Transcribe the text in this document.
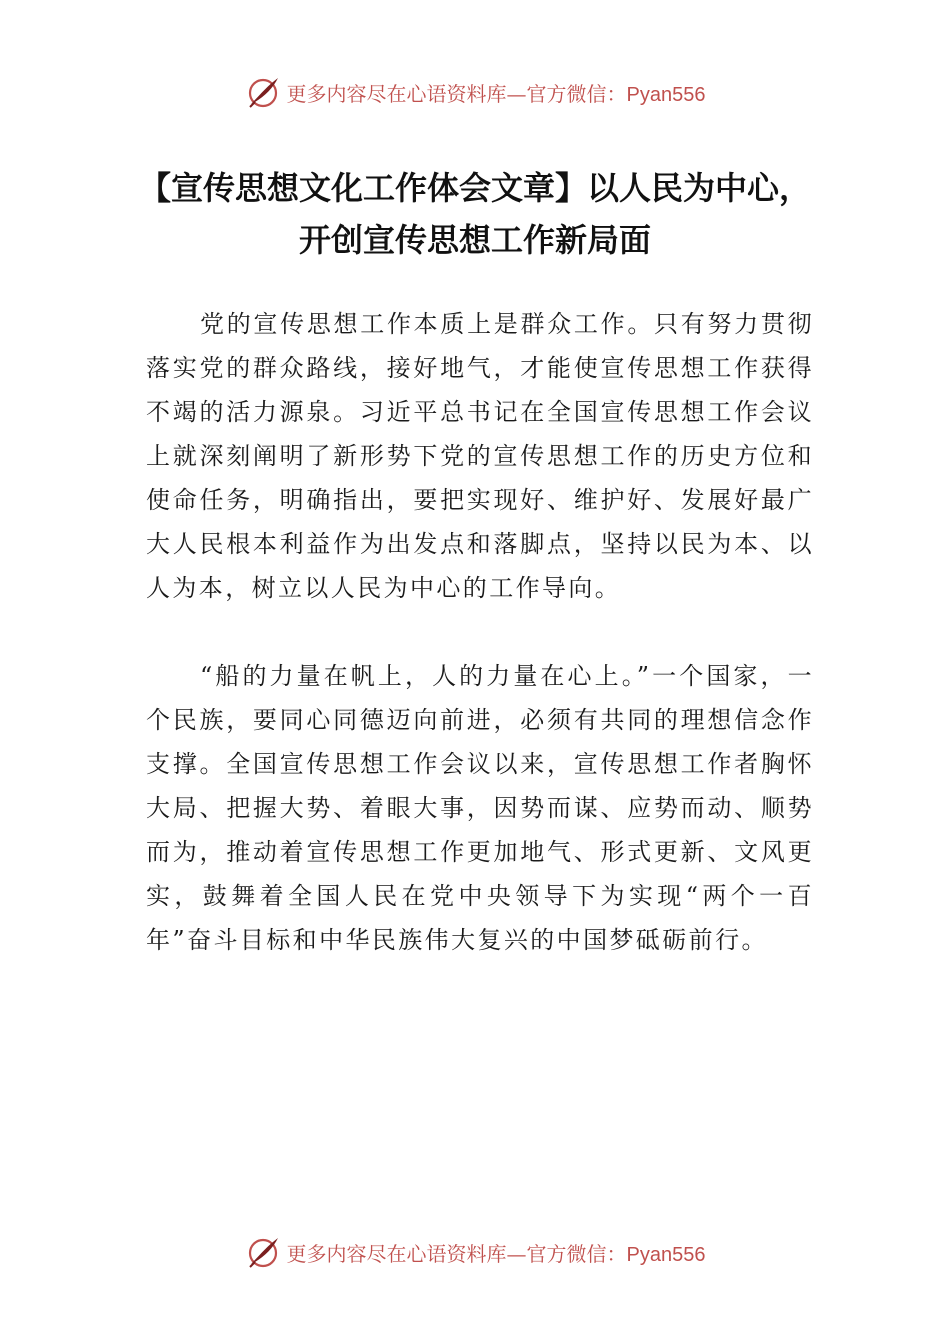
更多内容尽在心语资料库—官方微信：Pyan556
【宣传思想文化工作体会文章】以人民为中心，开创宣传思想工作新局面

党的宣传思想工作本质上是群众工作。只有努力贯彻落实党的群众路线，接好地气，才能使宣传思想工作获得不竭的活力源泉。习近平总书记在全国宣传思想工作会议上就深刻阐明了新形势下党的宣传思想工作的历史方位和使命任务，明确指出，要把实现好、维护好、发展好最广大人民根本利益作为出发点和落脚点，坚持以民为本、以人为本，树立以人民为中心的工作导向。

“船的力量在帆上，人的力量在心上。”一个国家，一个民族，要同心同德迈向前进，必须有共同的理想信念作支撑。全国宣传思想工作会议以来，宣传思想工作者胸怀大局、把握大势、着眼大事，因势而谋、应势而动、顺势而为，推动着宣传思想工作更加地气、形式更新、文风更实，鼓舞着全国人民在党中央领导下为实现“两个一百年”奋斗目标和中华民族伟大复兴的中国梦砥砺前行。

更多内容尽在心语资料库—官方微信：Pyan556
